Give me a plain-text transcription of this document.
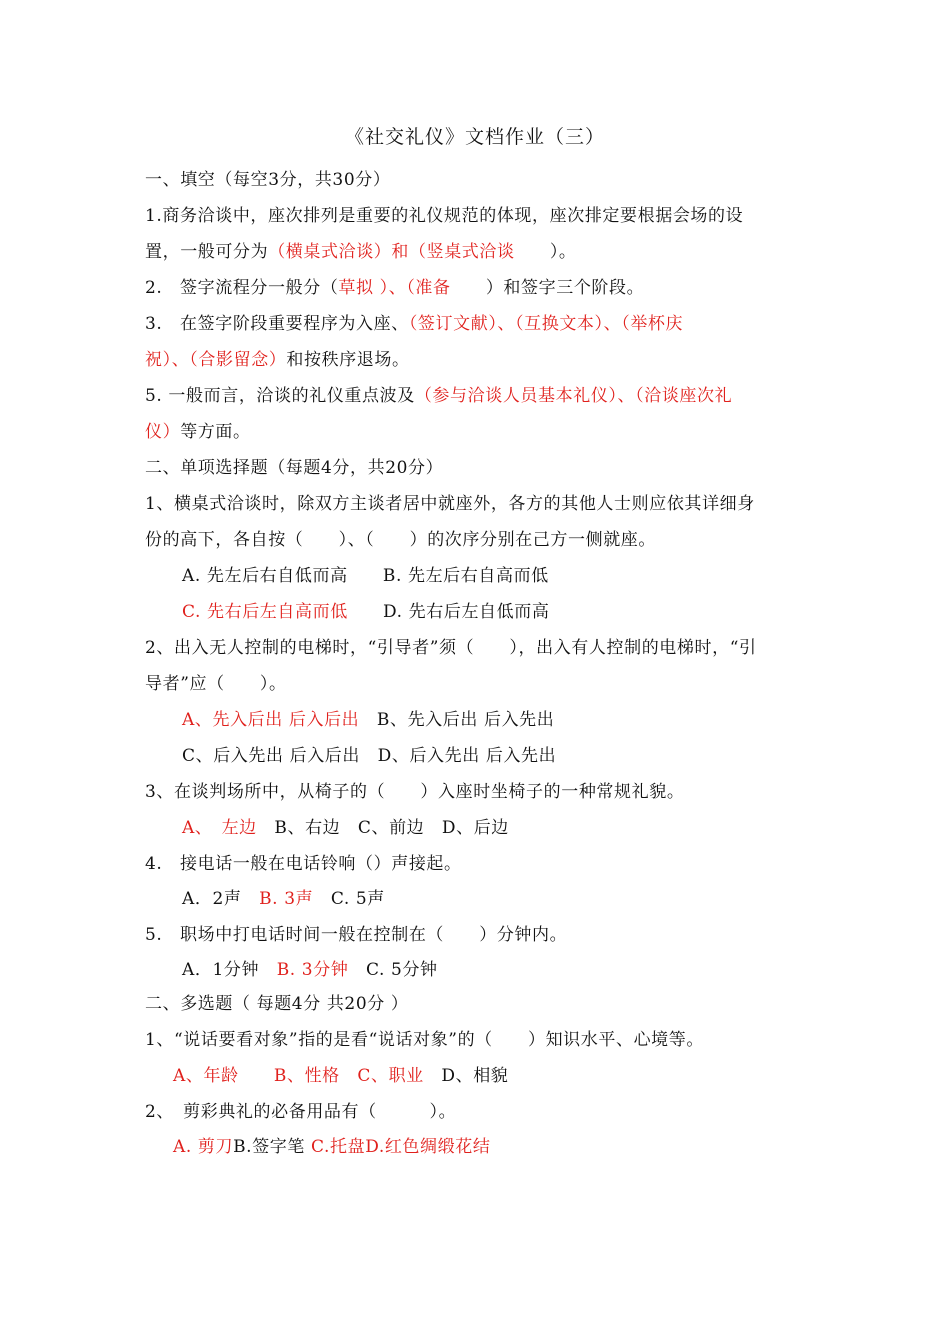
《社交礼仪》文档作业（三）
一、填空（每空3分，共30分）
1.商务洽谈中，座次排列是重要的礼仪规范的体现，座次排定要根据会场的设
置，一般可分为（横桌式洽谈）和（竖桌式洽谈　　）。
2.　签字流程分一般分（草拟 ）、（准备　　）和签字三个阶段。
3.　在签字阶段重要程序为入座、（签订文献）、（互换文本）、（举杯庆
祝）、（合影留念）和按秩序退场。
5. 一般而言，洽谈的礼仪重点波及（参与洽谈人员基本礼仪）、（洽谈座次礼
仪）等方面。
二、单项选择题（每题4分，共20分）
1、横桌式洽谈时，除双方主谈者居中就座外，各方的其他人士则应依其详细身
份的高下，各自按（　　）、（　　）的次序分别在己方一侧就座。
A. 先左后右自低而高　　B. 先左后右自高而低
C. 先右后左自高而低　　D. 先右后左自低而高
2、出入无人控制的电梯时，“引导者”须（　　），出入有人控制的电梯时，“引
导者”应（　　）。
A、先入后出 后入后出　B、先入后出 后入先出
C、后入先出 后入后出　D、后入先出 后入先出
3、在谈判场所中，从椅子的（　　）入座时坐椅子的一种常规礼貌。
A、　左边　B、右边　C、前边　D、后边
4.　接电话一般在电话铃响（）声接起。
A．2声　B. 3声　C. 5声
5.　职场中打电话时间一般在控制在（　　）分钟内。
A．1分钟　B. 3分钟　C. 5分钟
二、多选题（ 每题4分 共20分 ）
1、“说话要看对象”指的是看“说话对象”的（　　）知识水平、心境等。
A、年龄　　B、性格　C、职业　D、相貌
2、　剪彩典礼的必备用品有（　　　）。
A. 剪刀B.签字笔 C.托盘D.红色绸缎花结
